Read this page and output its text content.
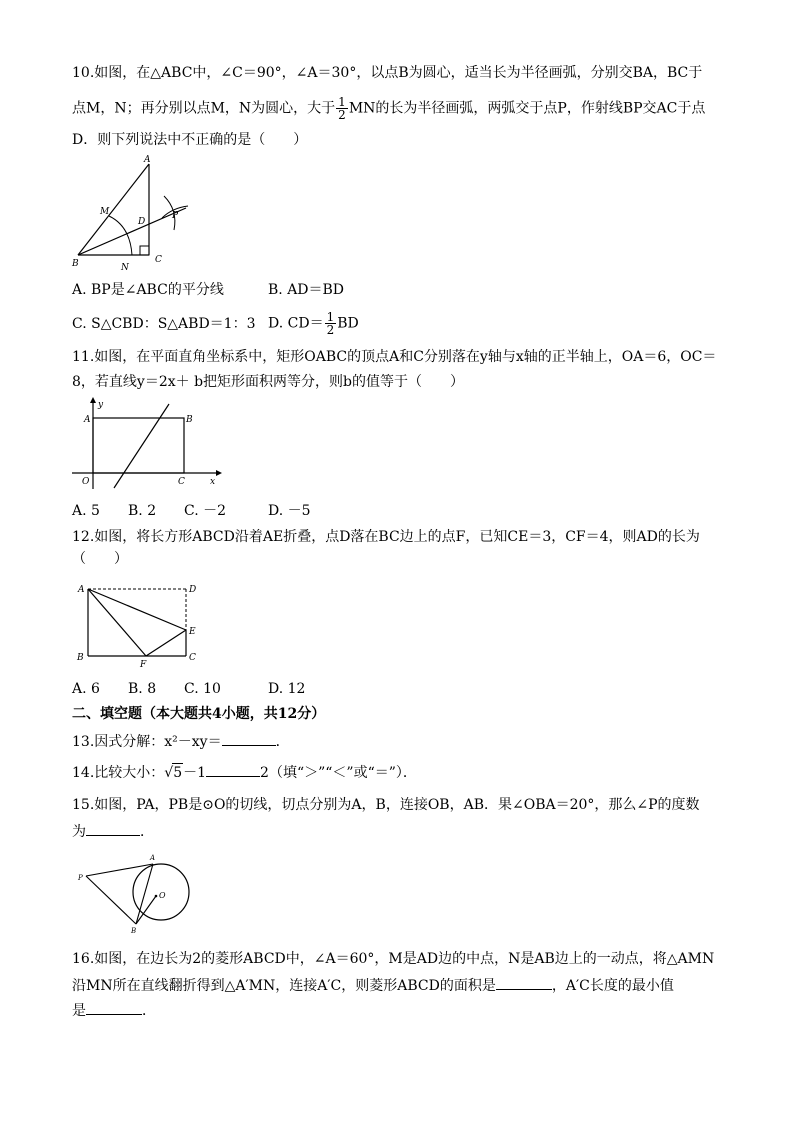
10.如图，在△ABC中，∠C＝90°，∠A＝30°，以点B为圆心，适当长为半径画弧，分别交BA，BC于
点M，N；再分别以点M，N为圆心，大于 $\frac{1}{2}$ MN的长为半径画弧，两弧交于点P，作射线BP交AC于点
D．则下列说法中不正确的是（　　）
A
M
D
P
B	N
C
A. BP是∠ABC的平分线	B. AD＝BD
C. S△CBD：S△ABD＝1：3 D. $CD= \frac{1}{2}$ BD
11.如图，在平面直角坐标系中，矩形OABC的顶点A和C分别落在y轴与x轴的正半轴上，OA＝6，OC＝
8，若直线y＝2x＋ b把矩形面积两等分，则b的值等于（　　）
y
A	B
O	C	x
A. 5 B. 2 C. －2	D. －5
12.如图，将长方形ABCD沿着AE折叠，点D落在BC边上的点F，已知CE＝3，CF＝4，则AD的长为
（　　）
A	D
E
B
F
C
A. 6 B. 8 C. 10	D. 12
二、填空题（本大题共4小题，共12分）
13.因式分解：x²－xy＝	．
14.比较大小：√5－1	2（填“＞”“＜”或“＝”）．
15.如图，PA，PB是⊙O的切线，切点分别为A，B，连接OB，AB．果∠OBA＝20°，那么∠P的度数
为	．
P
A
O
B
16.如图，在边长为2的菱形ABCD中，∠A＝60°，M是AD边的中点，N是AB边上的一动点，将△AMN
沿MN所在直线翻折得到△A′MN，连接A′C，则菱形ABCD的面积是	，A′C长度的最小值
是	．
